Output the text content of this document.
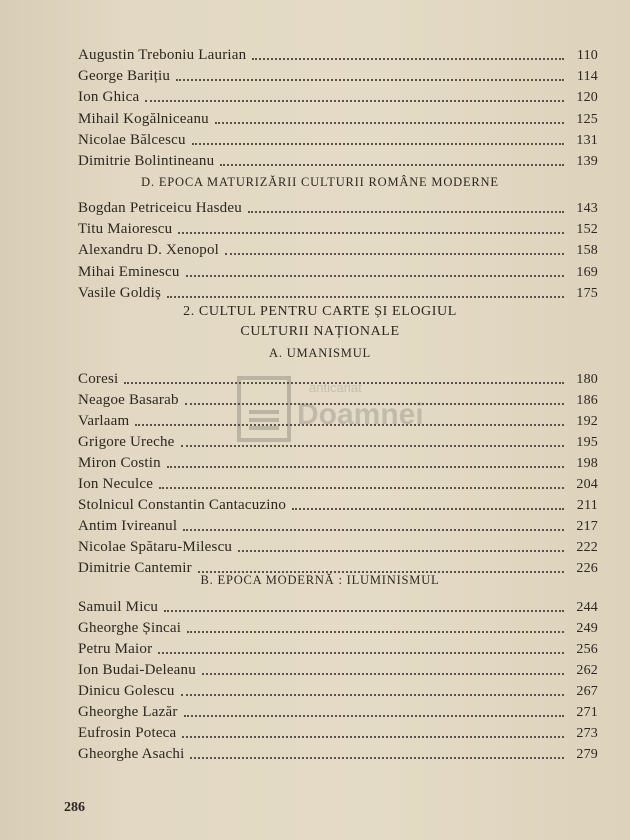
D. EPOCA MATURIZĂRII CULTURII ROMÂNE MODERNE
2. CULTUL PENTRU CARTE ȘI ELOGIUL
CULTURII NAȚIONALE
A. UMANISMUL
B. EPOCA MODERNĂ : ILUMINISMUL
Augustin Treboniu Laurian	110
George Barițiu	114
Ion Ghica	120
Mihail Kogălniceanu	125
Nicolae Bălcescu	131
Dimitrie Bolintineanu	139
Bogdan Petriceicu Hasdeu	143
Titu Maiorescu	152
Alexandru D. Xenopol	158
Mihai Eminescu	169
Vasile Goldiș	175
Coresi	180
Neagoe Basarab	186
Varlaam	192
Grigore Ureche	195
Miron Costin	198
Ion Neculce	204
Stolnicul Constantin Cantacuzino	211
Antim Ivireanul	217
Nicolae Spătaru-Milescu	222
Dimitrie Cantemir	226
Samuil Micu	244
Gheorghe Șincai	249
Petru Maior	256
Ion Budai-Deleanu	262
Dinicu Golescu	267
Gheorghe Lazăr	271
Eufrosin Poteca	273
Gheorghe Asachi	279
anticariat
Doamnei
286
